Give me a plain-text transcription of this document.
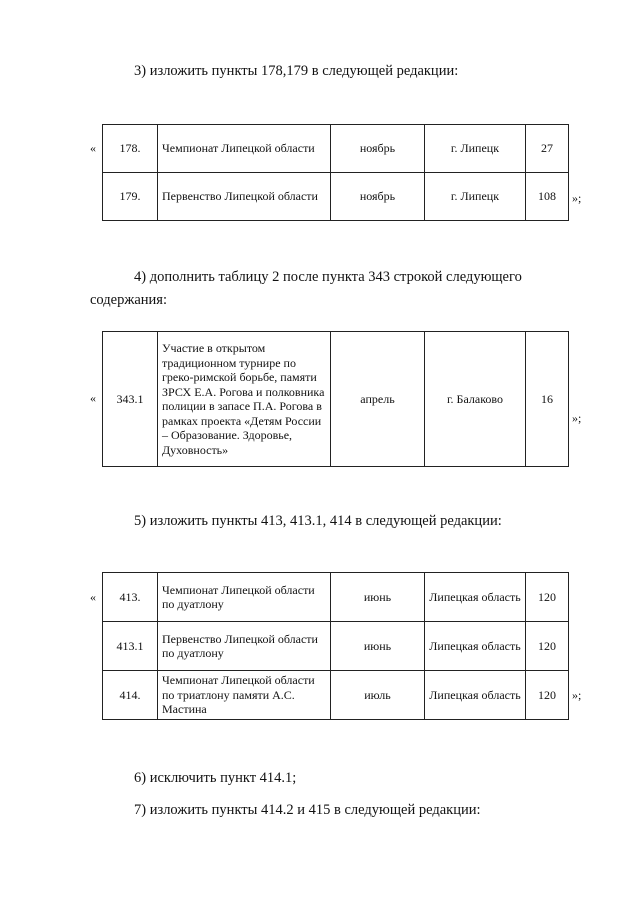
3) изложить пункты 178,179 в следующей редакции:
« 178.	Чемпионат Липецкой области	ноябрь	г. Липецк	27
179.	Первенство Липецкой области	ноябрь	г. Липецк	108 »;
4) дополнить таблицу 2 после пункта 343 строкой следующего
содержания:
« 343.1	Участие в открытом традиционном турнире по греко-римской борьбе, памяти ЗРСХ Е.А. Рогова и полковника полиции в запасе П.А. Рогова в рамках проекта «Детям России – Образование. Здоровье, Духовность»	апрель	г. Балаково	16
»;
5) изложить пункты 413, 413.1, 414 в следующей редакции:
« 413.	Чемпионат Липецкой области по дуатлону	июнь	Липецкая область	120
413.1	Первенство Липецкой области по дуатлону	июнь	Липецкая область	120
414.	Чемпионат Липецкой области по триатлону памяти А.С. Мастина	июль	Липецкая область	120 »;
6) исключить пункт 414.1;
7) изложить пункты 414.2 и 415 в следующей редакции:
